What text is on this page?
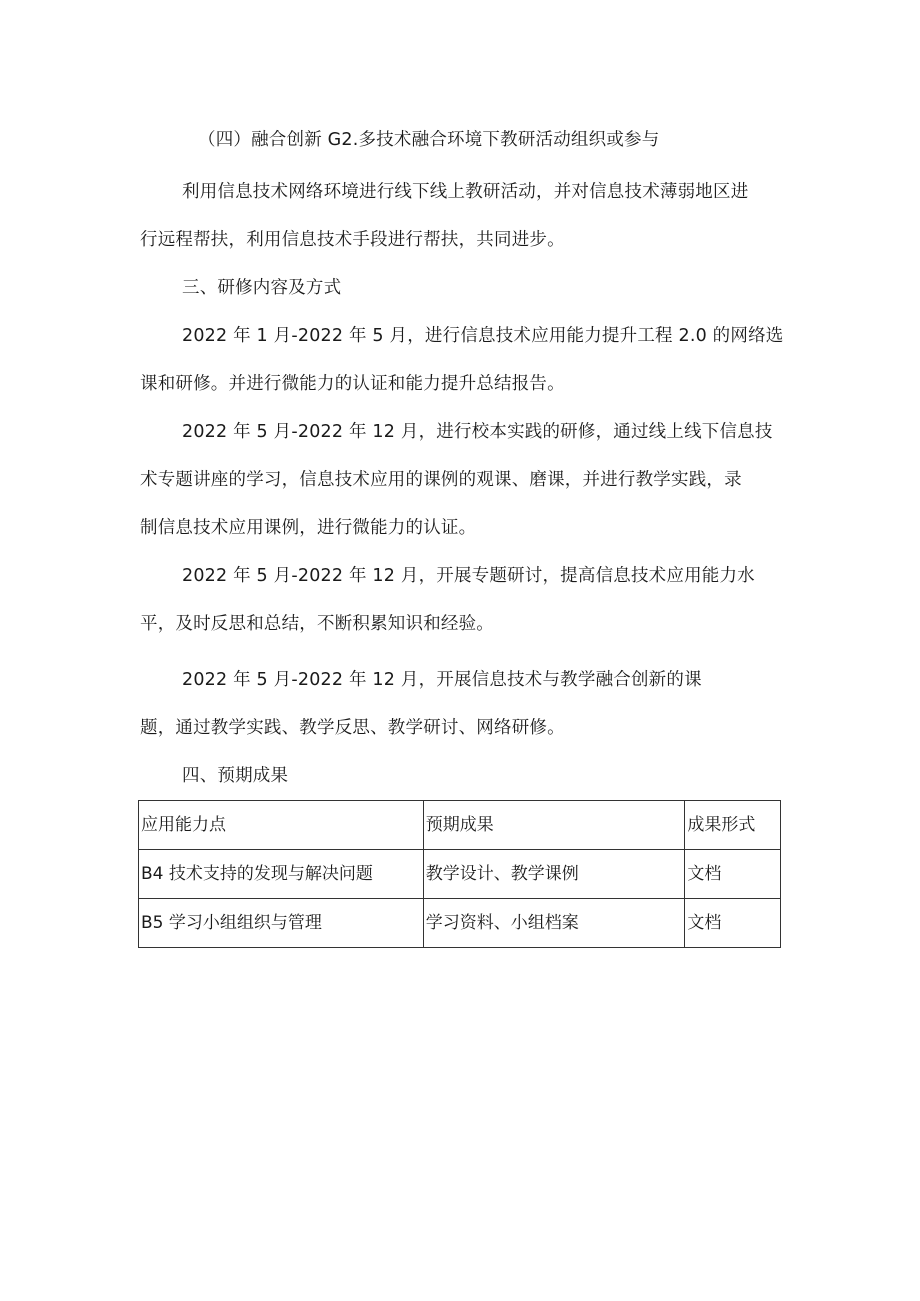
（四）融合创新 G2.多技术融合环境下教研活动组织或参与
利用信息技术网络环境进行线下线上教研活动，并对信息技术薄弱地区进
行远程帮扶，利用信息技术手段进行帮扶，共同进步。
三、研修内容及方式
2022 年 1 月-2022 年 5 月，进行信息技术应用能力提升工程 2.0 的网络选
课和研修。并进行微能力的认证和能力提升总结报告。
2022 年 5 月-2022 年 12 月，进行校本实践的研修，通过线上线下信息技
术专题讲座的学习，信息技术应用的课例的观课、磨课，并进行教学实践，录
制信息技术应用课例，进行微能力的认证。
2022 年 5 月-2022 年 12 月，开展专题研讨，提高信息技术应用能力水
平，及时反思和总结，不断积累知识和经验。
2022 年 5 月-2022 年 12 月，开展信息技术与教学融合创新的课
题，通过教学实践、教学反思、教学研讨、网络研修。
四、预期成果
应用能力点	预期成果	成果形式

B4 技术支持的发现与解决问题	教学设计、教学课例	文档

B5 学习小组组织与管理	学习资料、小组档案	文档
